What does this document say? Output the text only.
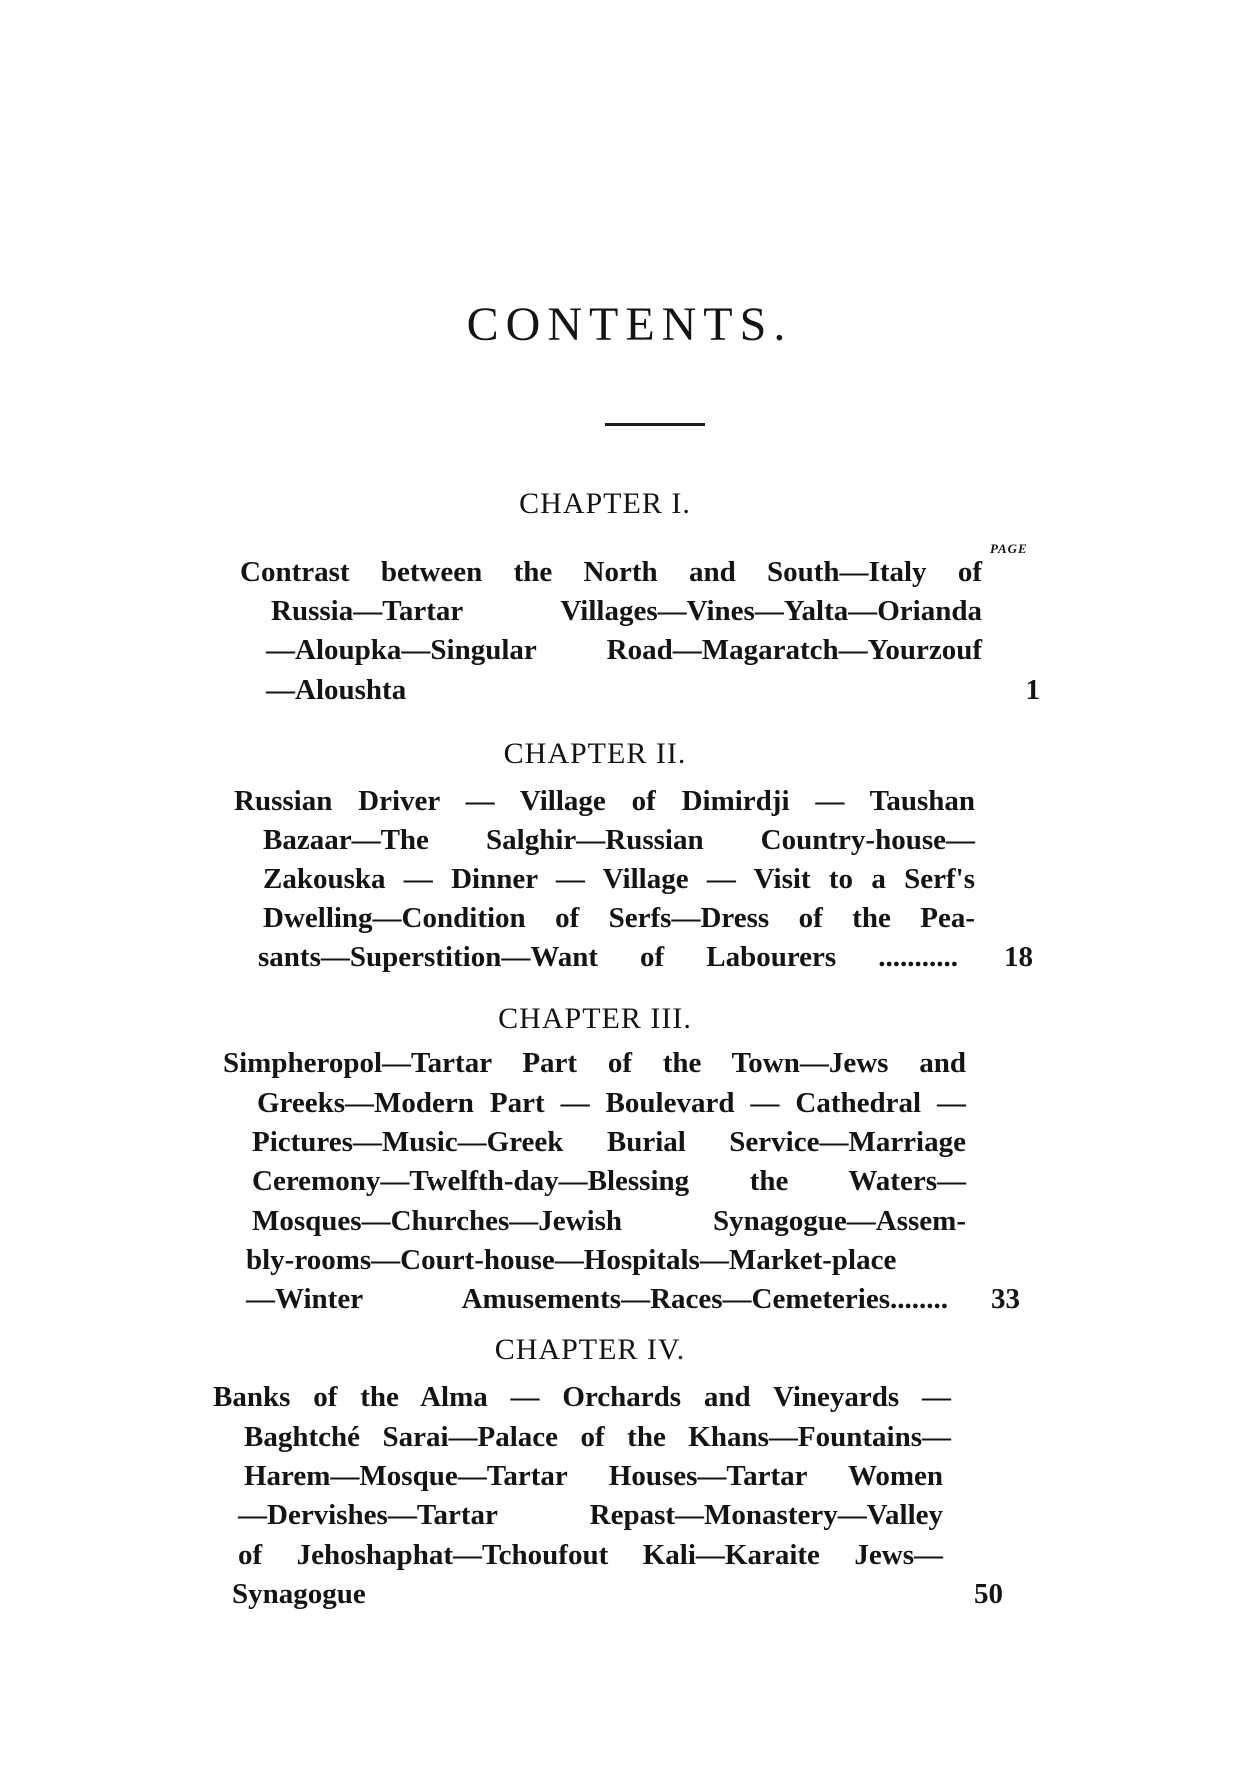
CONTENTS.
PAGE
CHAPTER I.
Contrast between the North and South—Italy of
Russia—Tartar Villages—Vines—Yalta—Orianda
—Aloupka—Singular Road—Magaratch—Yourzouf
—Aloushta	1
CHAPTER II.
Russian Driver — Village of Dimirdji — Taushan
Bazaar—The Salghir—Russian Country-house—
Zakouska — Dinner — Village — Visit to a Serf's
Dwelling—Condition of Serfs—Dress of the Pea-
sants—Superstition—Want of Labourers ...........	18
CHAPTER III.
Simpheropol—Tartar Part of the Town—Jews and
Greeks—Modern Part — Boulevard — Cathedral —
Pictures—Music—Greek Burial Service—Marriage
Ceremony—Twelfth-day—Blessing the Waters—
Mosques—Churches—Jewish Synagogue—Assem-
bly-rooms—Court-house—Hospitals—Market-place
—Winter Amusements—Races—Cemeteries........	33
CHAPTER IV.
Banks of the Alma — Orchards and Vineyards —
Baghtché Sarai—Palace of the Khans—Fountains—
Harem—Mosque—Tartar Houses—Tartar Women
—Dervishes—Tartar Repast—Monastery—Valley
of Jehoshaphat—Tchoufout Kali—Karaite Jews—
Synagogue	50
